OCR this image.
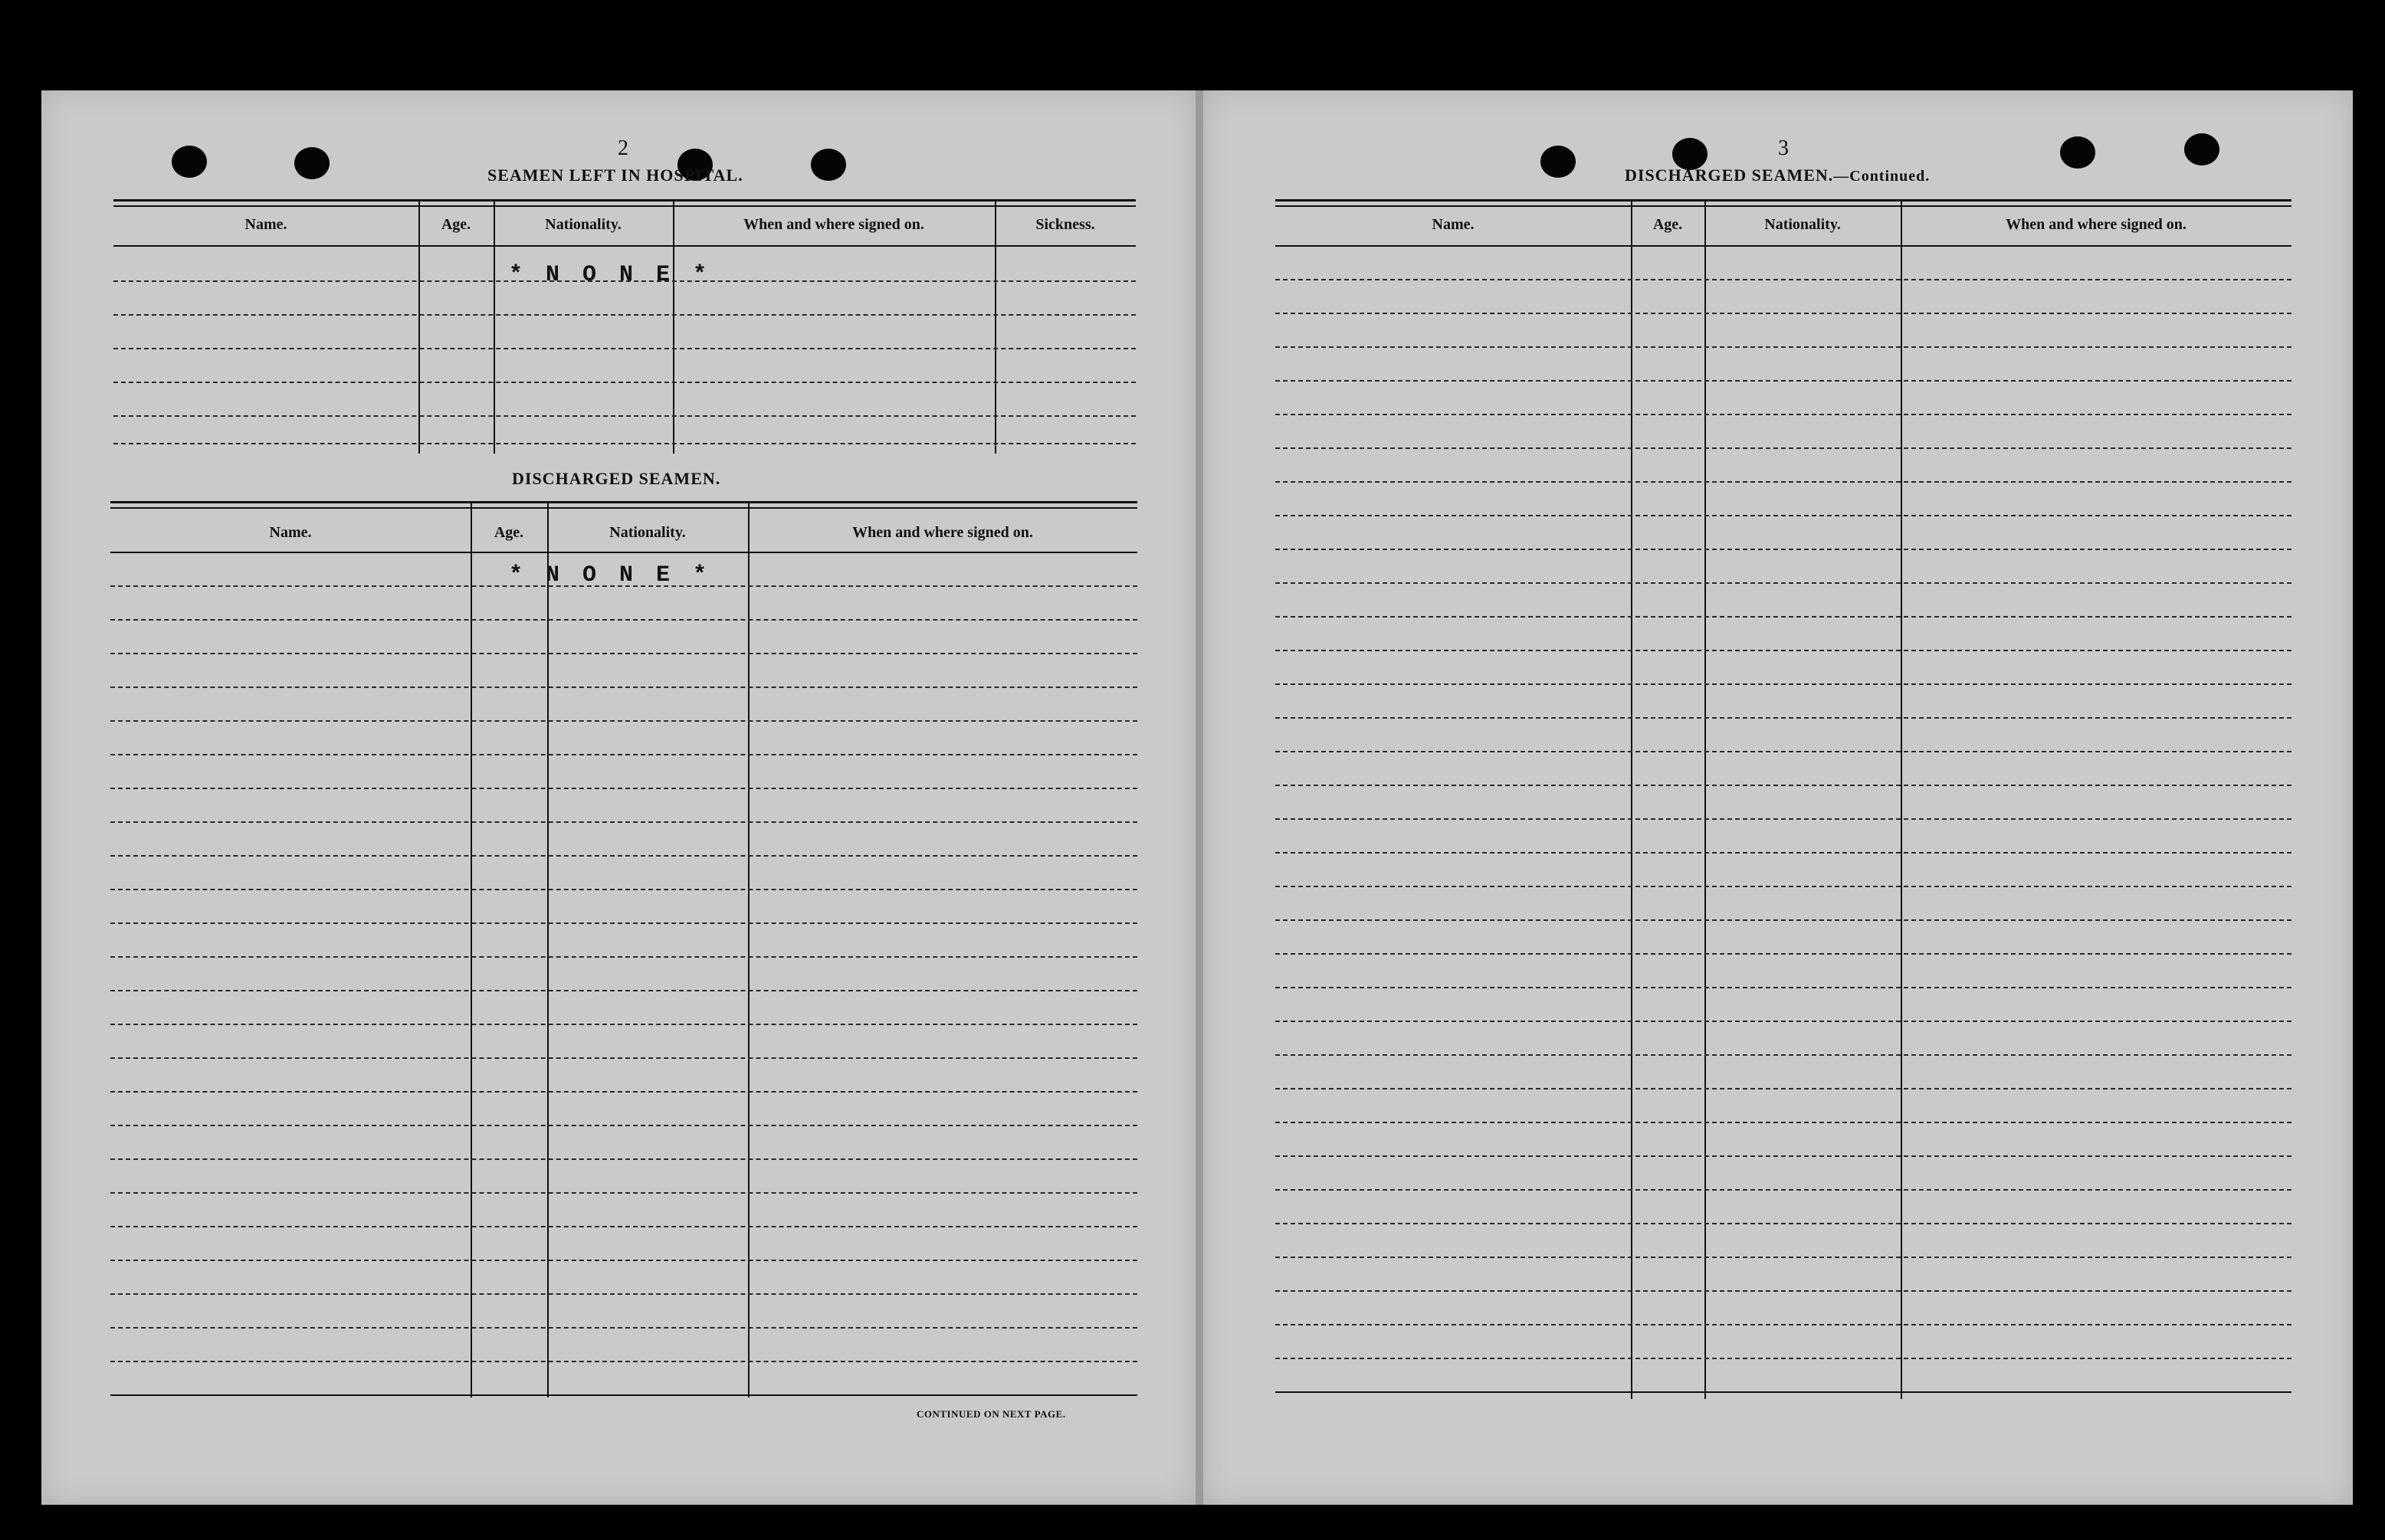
2
SEAMEN LEFT IN HOSPITAL.
Name.	Age.	Nationality.	When and where signed on.	Sickness.
* N O N E *
DISCHARGED SEAMEN.
Name.	Age.	Nationality.	When and where signed on.
* N O N E *
CONTINUED ON NEXT PAGE.
3
DISCHARGED SEAMEN.—Continued.
Name.	Age.	Nationality.	When and where signed on.
